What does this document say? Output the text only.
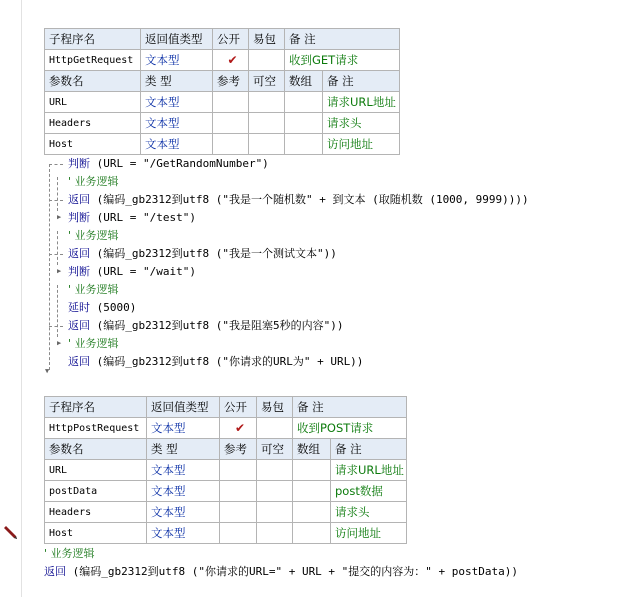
子程序名	返回值类型	公开	易包	备 注	
HttpGetRequest	文本型	✔		收到GET请求	
参数名	类 型	参考	可空	数组	备 注
URL	文本型				请求URL地址
Headers	文本型				请求头
Host	文本型				访问地址
▶
▶
▶
▼
判断 (URL = "/GetRandomNumber")
' 业务逻辑
返回 (编码_gb2312到utf8 ("我是一个随机数" + 到文本 (取随机数 (1000, 9999))))
判断 (URL = "/test")
' 业务逻辑
返回 (编码_gb2312到utf8 ("我是一个测试文本"))
判断 (URL = "/wait")
' 业务逻辑
延时 (5000)
返回 (编码_gb2312到utf8 ("我是阻塞5秒的内容"))
' 业务逻辑
返回 (编码_gb2312到utf8 ("你请求的URL为" + URL))
子程序名	返回值类型	公开	易包	备 注	
HttpPostRequest	文本型	✔		收到POST请求	
参数名	类 型	参考	可空	数组	备 注
URL	文本型				请求URL地址
postData	文本型				post数据
Headers	文本型				请求头
Host	文本型				访问地址
' 业务逻辑
返回 (编码_gb2312到utf8 ("你请求的URL=" + URL + "提交的内容为：" + postData))
